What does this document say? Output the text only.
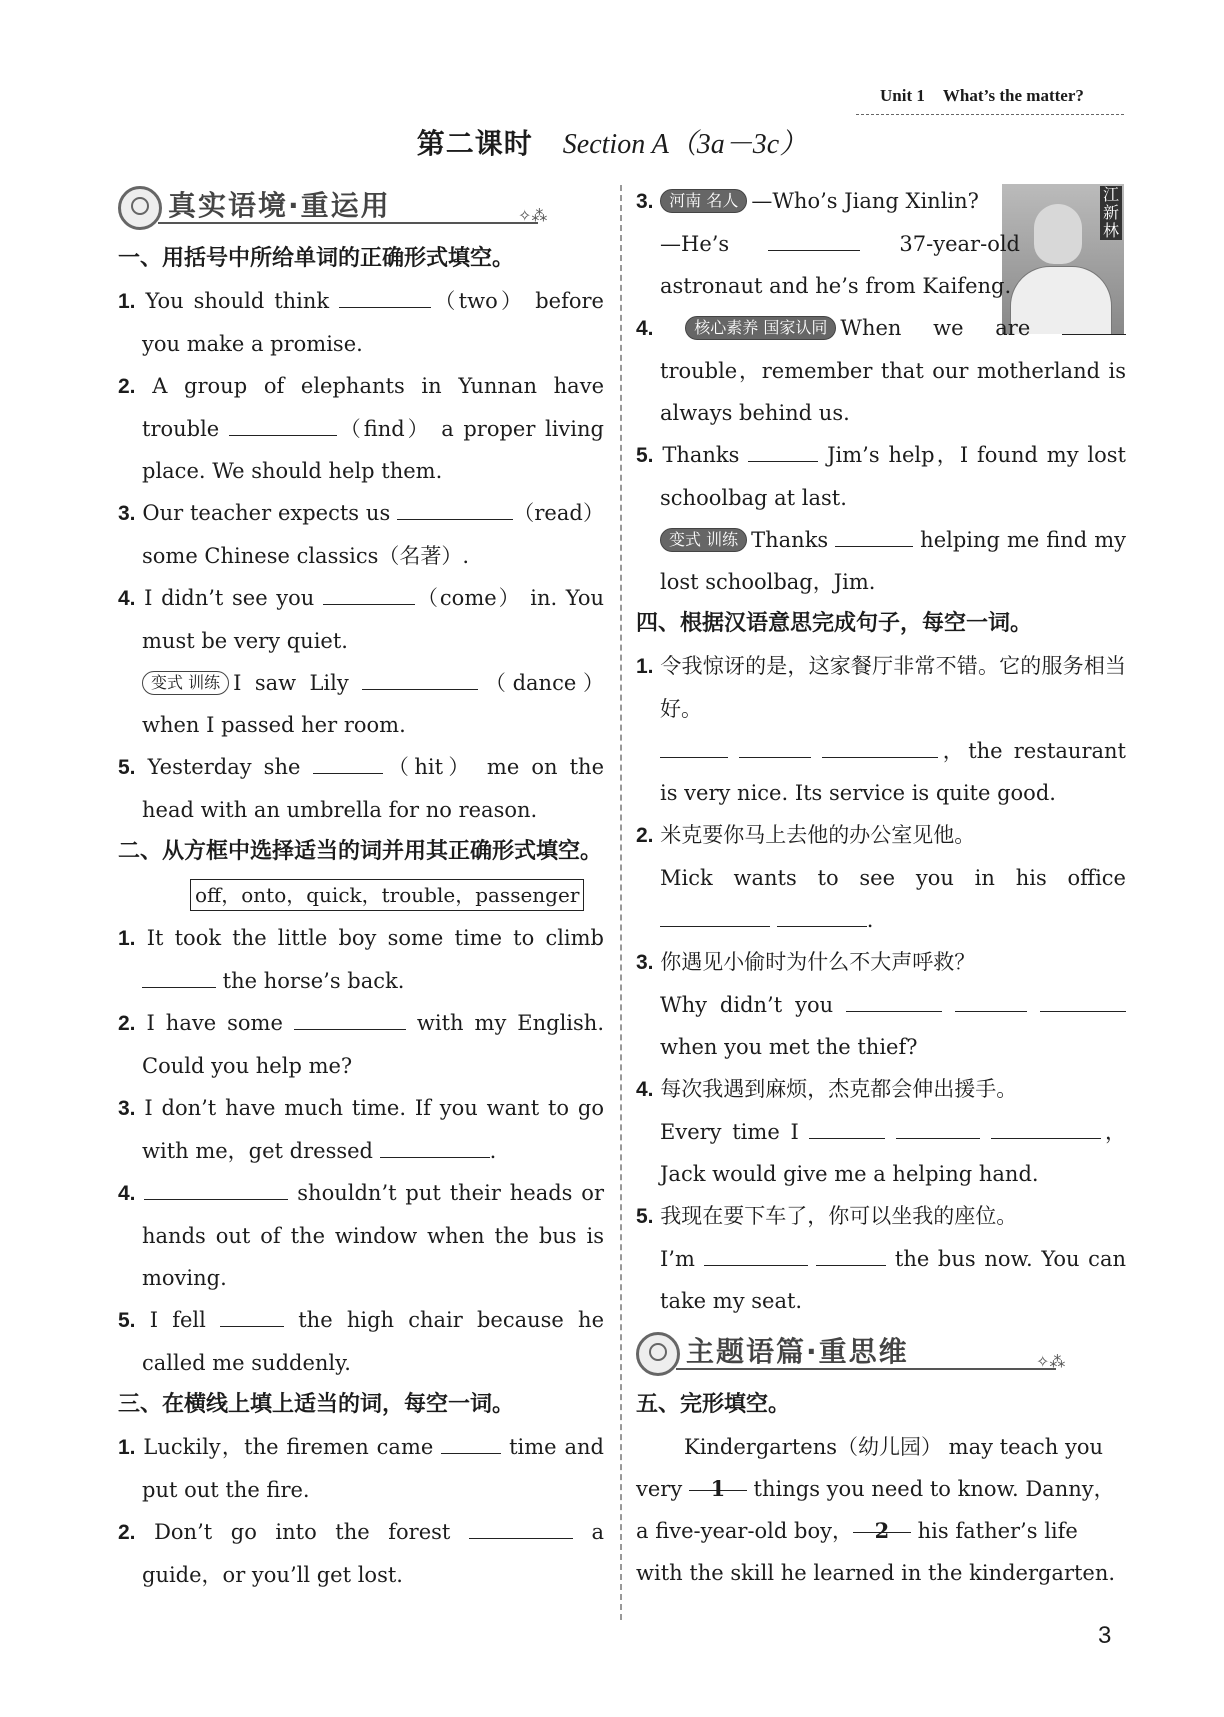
Unit 1 What’s the matter?
第二课时 Section A（3a－3c）
真实语境·重运用	✧⁂

一、用括号中所给单词的正确形式填空。

1. You should think	（two） before you make a promise.
2. A group of elephants in Yunnan have trouble	（find） a proper living place. We should help them.
3. Our teacher expects us	（read） some Chinese classics（名著）.
4. I didn’t see you	（come） in. You must be very quiet.
变式 训练 I saw Lily	（dance） when I passed her room.
5. Yesterday she	（hit） me on the head with an umbrella for no reason.

二、从方框中选择适当的词并用其正确形式填空。

off，onto，quick，trouble，passenger
1. It took the little boy some time to climb  the horse’s back.
2. I have some	with my English. Could you help me?
3. I don’t have much time. If you want to go with me，get dressed	.
4.	shouldn’t put their heads or hands out of the window when the bus is moving.
5. I fell	the high chair because he called me suddenly.

三、在横线上填上适当的词，每空一词。

1. Luckily，the firemen came	time and put out the fire.
2. Don’t go into the forest	a guide，or you’ll get lost.
江新林
3. 河南 名人 —Who’s Jiang Xinlin?
—He’s	37-year-old astronaut and he’s from Kaifeng.
4.	核心素养 国家认同 When we are  trouble，remember that our motherland is always behind us.
5. Thanks	Jim’s help，I found my lost schoolbag at last.
变式 训练 Thanks	helping me find my lost schoolbag，Jim.

四、根据汉语意思完成句子，每空一词。

1. 令我惊讶的是，这家餐厅非常不错。它的服务相当好。
，the restaurant is very nice. Its service is quite good.
2. 米克要你马上去他的办公室见他。
Mick wants to see you in his office  .
3. 你遇见小偷时为什么不大声呼救？
Why didn’t you    when you met the thief?
4. 每次我遇到麻烦，杰克都会伸出援手。
Every time I	，Jack would give me a helping hand.
5. 我现在要下车了，你可以坐我的座位。
I’m	the bus now. You can take my seat.
主题语篇·重思维	✧⁂

五、完形填空。

Kindergartens（幼儿园） may teach you very 1 things you need to know. Danny，a five-year-old boy， 2 his father’s life with the skill he learned in the kindergarten.
3
